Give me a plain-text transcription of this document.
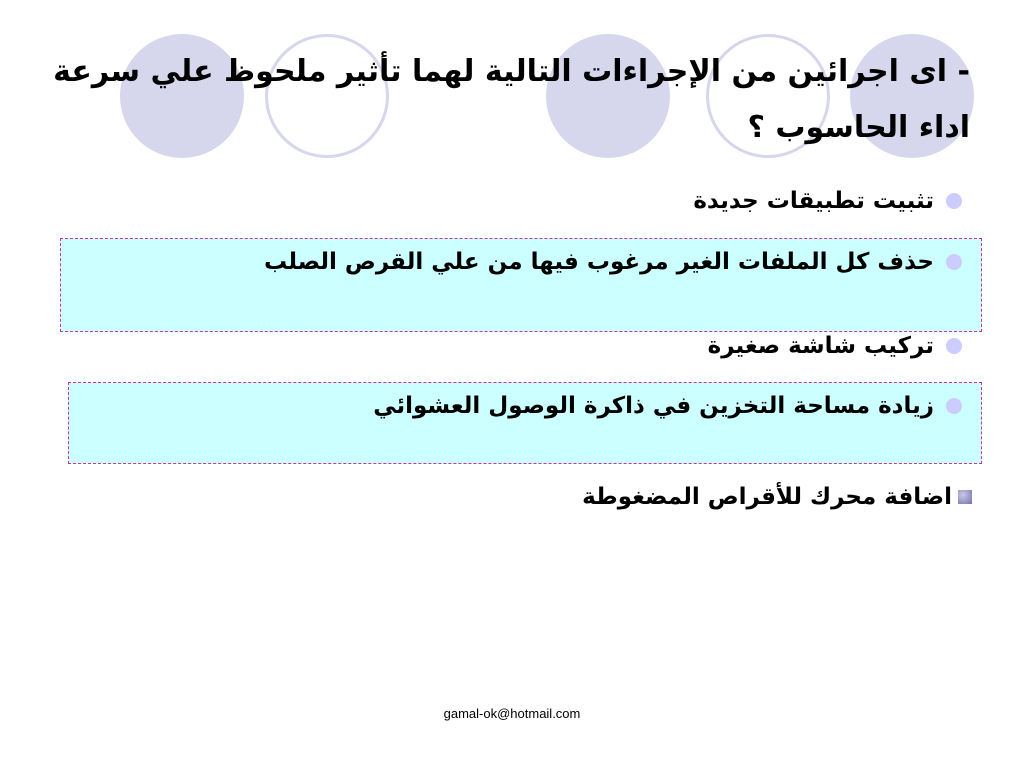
- ای اجرائين من الإجراءات التالية لهما تأثير ملحوظ علي سرعة اداء الحاسوب ؟
تثبيت تطبيقات جديدة
حذف كل الملفات الغير مرغوب فيها من علي القرص الصلب
تركيب شاشة صغيرة
زيادة مساحة التخزين في ذاكرة الوصول العشوائي
اضافة محرك للأقراص المضغوطة
gamal-ok@hotmail.com
